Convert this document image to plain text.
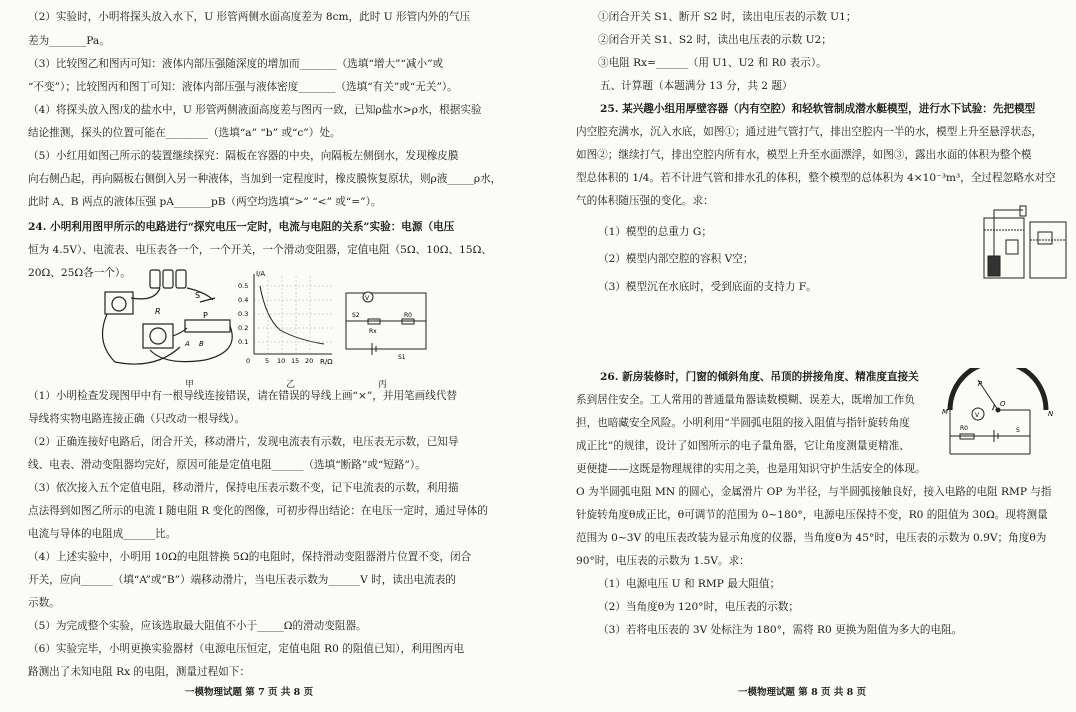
（2）实验时，小明将探头放入水下，U 形管两侧水面高度差为 8cm，此时 U 形管内外的气压
差为_______Pa。
（3）比较图乙和图丙可知：液体内部压强随深度的增加而_______（选填“增大”“减小”或
“不变”）；比较图丙和图丁可知：液体内部压强与液体密度_______（选填“有关”或“无关”）。
（4）将探头放入图戊的盐水中，U 形管两侧液面高度差与图丙一致，已知ρ盐水>ρ水，根据实验
结论推测，探头的位置可能在________（选填“a” “b” 或“c”）处。
（5）小红用如图己所示的装置继续探究：隔板在容器的中央，向隔板左侧倒水，发现橡皮膜
向右侧凸起，再向隔板右侧倒入另一种液体，当加到一定程度时，橡皮膜恢复原状，则ρ液_____ρ水，
此时 A、B 两点的液体压强 pA_______pB（两空均选填“>” “<” 或“=”）。
24. 小明利用图甲所示的电路进行“探究电压一定时，电流与电阻的关系”实验：电源（电压
恒为 4.5V）、电流表、电压表各一个，一个开关，一个滑动变阻器，定值电阻（5Ω、10Ω、15Ω、
20Ω、25Ω各一个）。
S
R	P
A B
甲
I/A
R/Ω
0.5
0.4
0.3
0.2
0.1
0 5 10 15 20
乙
V
S2
Rx
R0
S1
丙
（1）小明检查发现图甲中有一根导线连接错误，请在错误的导线上画“×”，并用笔画线代替
导线将实物电路连接正确（只改动一根导线）。
（2）正确连接好电路后，闭合开关，移动滑片，发现电流表有示数，电压表无示数，已知导
线、电表、滑动变阻器均完好，原因可能是定值电阻______（选填“断路”或“短路”）。
（3）依次接入五个定值电阻，移动滑片，保持电压表示数不变，记下电流表的示数，利用描
点法得到如图乙所示的电流 I 随电阻 R 变化的图像，可初步得出结论：在电压一定时，通过导体的
电流与导体的电阻成______比。
（4）上述实验中，小明用 10Ω的电阻替换 5Ω的电阻时，保持滑动变阻器滑片位置不变，闭合
开关，应向______（填“A”或“B”）端移动滑片，当电压表示数为______V 时，读出电流表的
示数。
（5）为完成整个实验，应该选取最大阻值不小于_____Ω的滑动变阻器。
（6）实验完毕，小明更换实验器材（电源电压恒定，定值电阻 R0 的阻值已知），利用图丙电
路测出了未知电阻 Rx 的电阻，测量过程如下：
一模物理试题 第 7 页 共 8 页
①闭合开关 S1、断开 S2 时，读出电压表的示数 U1；
②闭合开关 S1、S2 时，读出电压表的示数 U2；
③电阻 Rx=______（用 U1、U2 和 R0 表示）。
五、计算题（本题满分 13 分，共 2 题）
25. 某兴趣小组用厚壁容器（内有空腔）和轻软管制成潜水艇模型，进行水下试验：先把模型
内空腔充满水，沉入水底，如图①；通过进气管打气，排出空腔内一半的水，模型上升至悬浮状态，
如图②；继续打气，排出空腔内所有水，模型上升至水面漂浮，如图③，露出水面的体积为整个模
型总体积的 1/4。若不计进气管和排水孔的体积，整个模型的总体积为 4×10⁻³m³，全过程忽略水对空
气的体积随压强的变化。求：
（1）模型的总重力 G；
（2）模型内部空腔的容积 V空；
（3）模型沉在水底时，受到底面的支持力 F。
26. 新房装修时，门窗的倾斜角度、吊顶的拼接角度、精准度直接关
系到居住安全。工人常用的普通量角器读数模糊、误差大，既增加工作负
担，也暗藏安全风险。小明利用“半圆弧电阻的接入阻值与指针旋转角度
成正比”的规律，设计了如图所示的电子量角器，它让角度测量更精准、
更便捷——这既是物理规律的实用之美，也是用知识守护生活安全的体现。
O 为半圆弧电阻 MN 的圆心，金属滑片 OP 为半径，与半圆弧接触良好，接入电路的电阻 RMP 与指
针旋转角度θ成正比，θ可调节的范围为 0~180°，电源电压保持不变，R0 的阻值为 30Ω。现将测量
范围为 0~3V 的电压表改装为显示角度的仪器，当角度θ为 45°时，电压表的示数为 0.9V；角度θ为
90°时，电压表的示数为 1.5V。求：
（1）电源电压 U 和 RMP 最大阻值；
（2）当角度θ为 120°时，电压表的示数；
（3）若将电压表的 3V 处标注为 180°，需将 R0 更换为阻值为多大的电阻。
P
M	N
O
V
R0	S
一模物理试题 第 8 页 共 8 页
